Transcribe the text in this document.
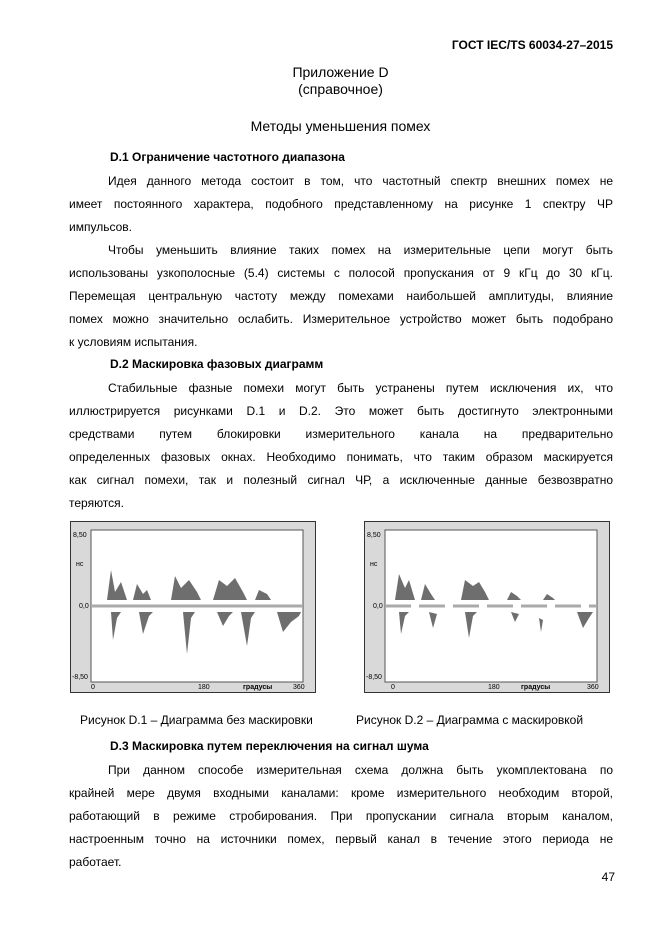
ГОСТ IEC/TS 60034-27–2015
Приложение D
(справочное)
Методы уменьшения помех
D.1 Ограничение частотного диапазона
Идея данного метода состоит в том, что частотный спектр внешних помех не
имеет постоянного характера, подобного представленному на рисунке 1 спектру ЧР
импульсов.
Чтобы уменьшить влияние таких помех на измерительные цепи могут быть
использованы узкополосные (5.4) системы с полосой пропускания от 9 кГц до 30 кГц.
Перемещая центральную частоту между помехами наибольшей амплитуды, влияние
помех можно значительно ослабить. Измерительное устройство может быть подобрано
к условиям испытания.
D.2 Маскировка фазовых диаграмм
Стабильные фазные помехи могут быть устранены путем исключения их, что
иллюстрируется рисунками D.1 и D.2. Это может быть достигнуто электронными
средствами путем блокировки измерительного канала на предварительно
определенных фазовых окнах. Необходимо понимать, что таким образом маскируется
как сигнал помехи, так и полезный сигнал ЧР, а исключенные данные безвозвратно
теряются.
8,50
нс
0,0
-8,50
0	180	градусы	360
8,50
нс
0,0
-8,50
0	180	градусы	360
Рисунок D.1 – Диаграмма без маскировки	Рисунок D.2 – Диаграмма с маскировкой
D.3 Маскировка путем переключения на сигнал шума
При данном способе измерительная схема должна быть укомплектована по
крайней мере двумя входными каналами: кроме измерительного необходим второй,
работающий в режиме стробирования. При пропускании сигнала вторым каналом,
настроенным точно на источники помех, первый канал в течение этого периода не
работает.
47
